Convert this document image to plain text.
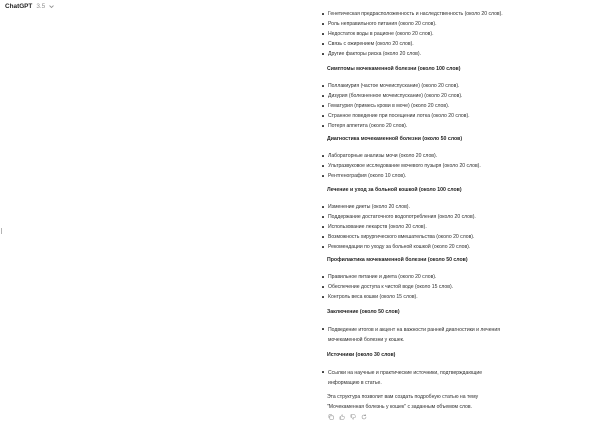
ChatGPT 3.5
Генетическая предрасположенность и наследственность (около 20 слов).
Роль неправильного питания (около 20 слов).
Недостаток воды в рационе (около 20 слов).
Связь с ожирением (около 20 слов).
Другие факторы риска (около 20 слов).
Симптомы мочекаменной болезни (около 100 слов)
Поллакиурия (частое мочеиспускание) (около 20 слов).
Дизурия (болезненное мочеиспускание) (около 20 слов).
Гематурия (примесь крови в моче) (около 20 слов).
Странное поведение при посещении лотка (около 20 слов).
Потеря аппетита (около 20 слов).
Диагностика мочекаменной болезни (около 50 слов)
Лабораторные анализы мочи (около 20 слов).
Ультразвуковое исследование мочевого пузыря (около 20 слов).
Рентгенография (около 10 слов).
Лечение и уход за больной кошкой (около 100 слов)
Изменение диеты (около 20 слов).
Поддержание достаточного водопотребления (около 20 слов).
Использование лекарств (около 20 слов).
Возможность хирургического вмешательства (около 20 слов).
Рекомендации по уходу за больной кошкой (около 20 слов).
Профилактика мочекаменной болезни (около 50 слов)
Правильное питание и диета (около 20 слов).
Обеспечение доступа к чистой воде (около 15 слов).
Контроль веса кошки (около 15 слов).
Заключение (около 50 слов)
Подведение итогов и акцент на важности ранней диагностики и лечения мочекаменной болезни у кошек.
Источники (около 30 слов)
Ссылки на научные и практические источники, подтверждающие информацию в статье.
Эта структура позволит вам создать подробную статью на тему "Мочекаменная болезнь у кошек" с заданным объемом слов.
